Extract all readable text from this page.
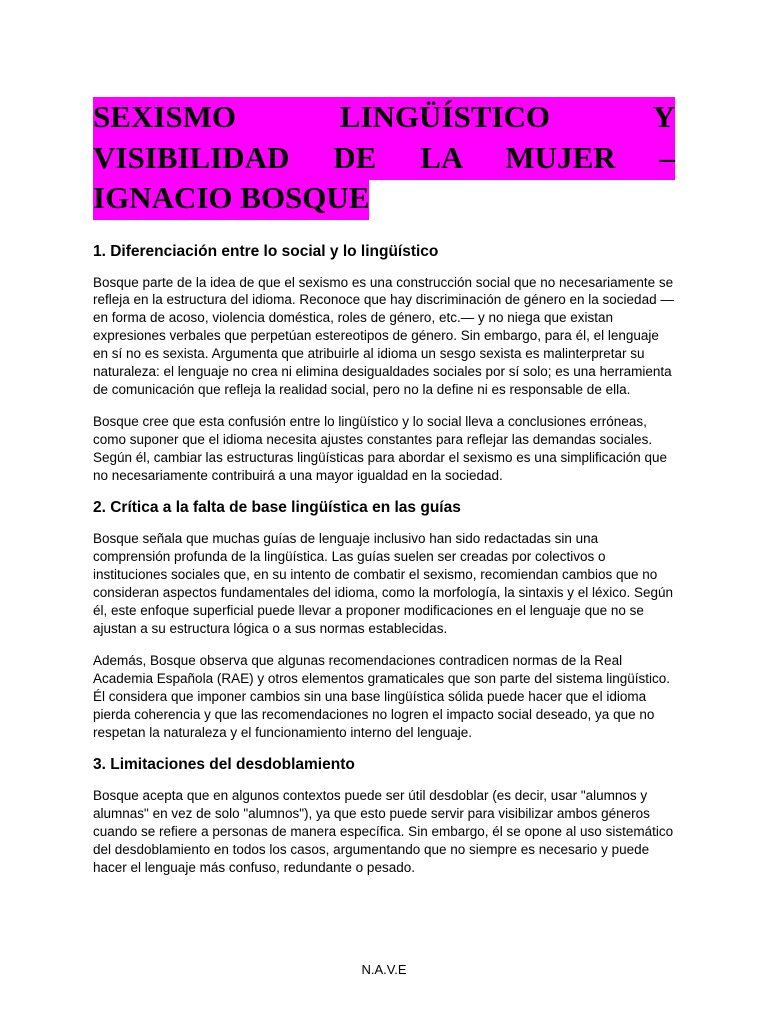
SEXISMO LINGÜÍSTICO Y VISIBILIDAD DE LA MUJER – IGNACIO BOSQUE
1. Diferenciación entre lo social y lo lingüístico

Bosque parte de la idea de que el sexismo es una construcción social que no necesariamente se refleja en la estructura del idioma. Reconoce que hay discriminación de género en la sociedad —en forma de acoso, violencia doméstica, roles de género, etc.— y no niega que existan expresiones verbales que perpetúan estereotipos de género. Sin embargo, para él, el lenguaje en sí no es sexista. Argumenta que atribuirle al idioma un sesgo sexista es malinterpretar su naturaleza: el lenguaje no crea ni elimina desigualdades sociales por sí solo; es una herramienta de comunicación que refleja la realidad social, pero no la define ni es responsable de ella.

Bosque cree que esta confusión entre lo lingüístico y lo social lleva a conclusiones erróneas, como suponer que el idioma necesita ajustes constantes para reflejar las demandas sociales. Según él, cambiar las estructuras lingüísticas para abordar el sexismo es una simplificación que no necesariamente contribuirá a una mayor igualdad en la sociedad.

2. Crítica a la falta de base lingüística en las guías

Bosque señala que muchas guías de lenguaje inclusivo han sido redactadas sin una comprensión profunda de la lingüística. Las guías suelen ser creadas por colectivos o instituciones sociales que, en su intento de combatir el sexismo, recomiendan cambios que no consideran aspectos fundamentales del idioma, como la morfología, la sintaxis y el léxico. Según él, este enfoque superficial puede llevar a proponer modificaciones en el lenguaje que no se ajustan a su estructura lógica o a sus normas establecidas.

Además, Bosque observa que algunas recomendaciones contradicen normas de la Real Academia Española (RAE) y otros elementos gramaticales que son parte del sistema lingüístico. Él considera que imponer cambios sin una base lingüística sólida puede hacer que el idioma pierda coherencia y que las recomendaciones no logren el impacto social deseado, ya que no respetan la naturaleza y el funcionamiento interno del lenguaje.

3. Limitaciones del desdoblamiento

Bosque acepta que en algunos contextos puede ser útil desdoblar (es decir, usar "alumnos y alumnas" en vez de solo "alumnos"), ya que esto puede servir para visibilizar ambos géneros cuando se refiere a personas de manera específica. Sin embargo, él se opone al uso sistemático del desdoblamiento en todos los casos, argumentando que no siempre es necesario y puede hacer el lenguaje más confuso, redundante o pesado.

N.A.V.E
